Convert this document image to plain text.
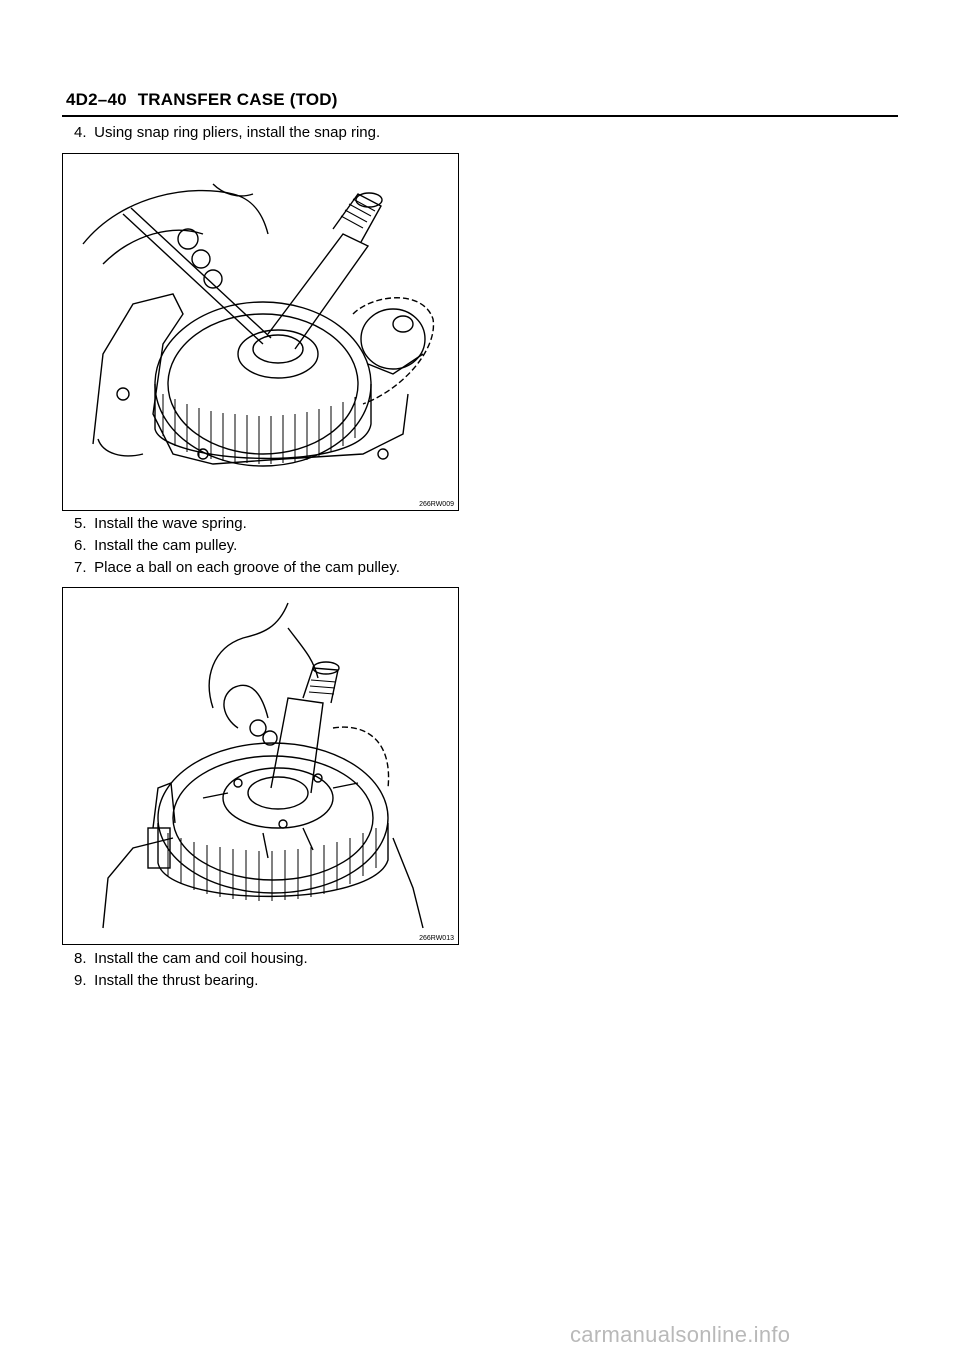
4D2–40 TRANSFER CASE (TOD)
4. Using snap ring pliers, install the snap ring.
266RW009
5. Install the wave spring.
6. Install the cam pulley.
7. Place a ball on each groove of the cam pulley.
266RW013
8. Install the cam and coil housing.
9. Install the thrust bearing.
carmanualsonline.info
